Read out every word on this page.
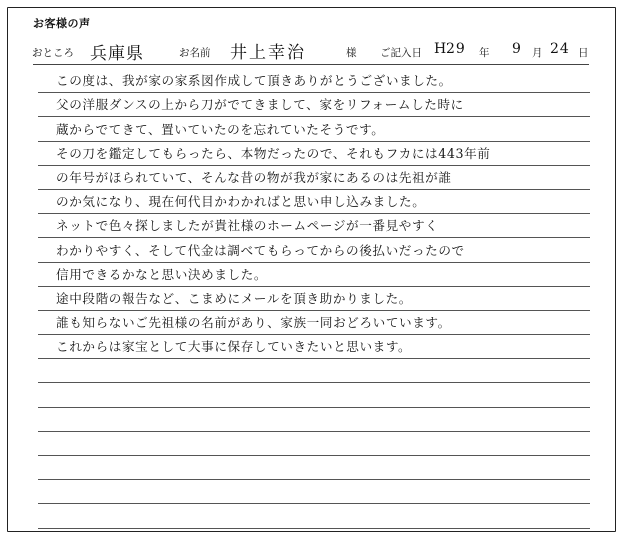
お客様の声
おところ 兵庫県	お名前 井上幸治	様 ご記入日 H
29 年 9 月 24 日
この度は、我が家の家系図作成して頂きありがとうございました。
父の洋服ダンスの上から刀がでてきまして、家をリフォームした時に
蔵からでてきて、置いていたのを忘れていたそうです。
その刀を鑑定してもらったら、本物だったので、それもフカには443年前
の年号がほられていて、そんな昔の物が我が家にあるのは先祖が誰
のか気になり、現在何代目かわかればと思い申し込みました。
ネットで色々探しましたが貴社様のホームページが一番見やすく
わかりやすく、そして代金は調べてもらってからの後払いだったので
信用できるかなと思い決めました。
途中段階の報告など、こまめにメールを頂き助かりました。
誰も知らないご先祖様の名前があり、家族一同おどろいています。
これからは家宝として大事に保存していきたいと思います。
